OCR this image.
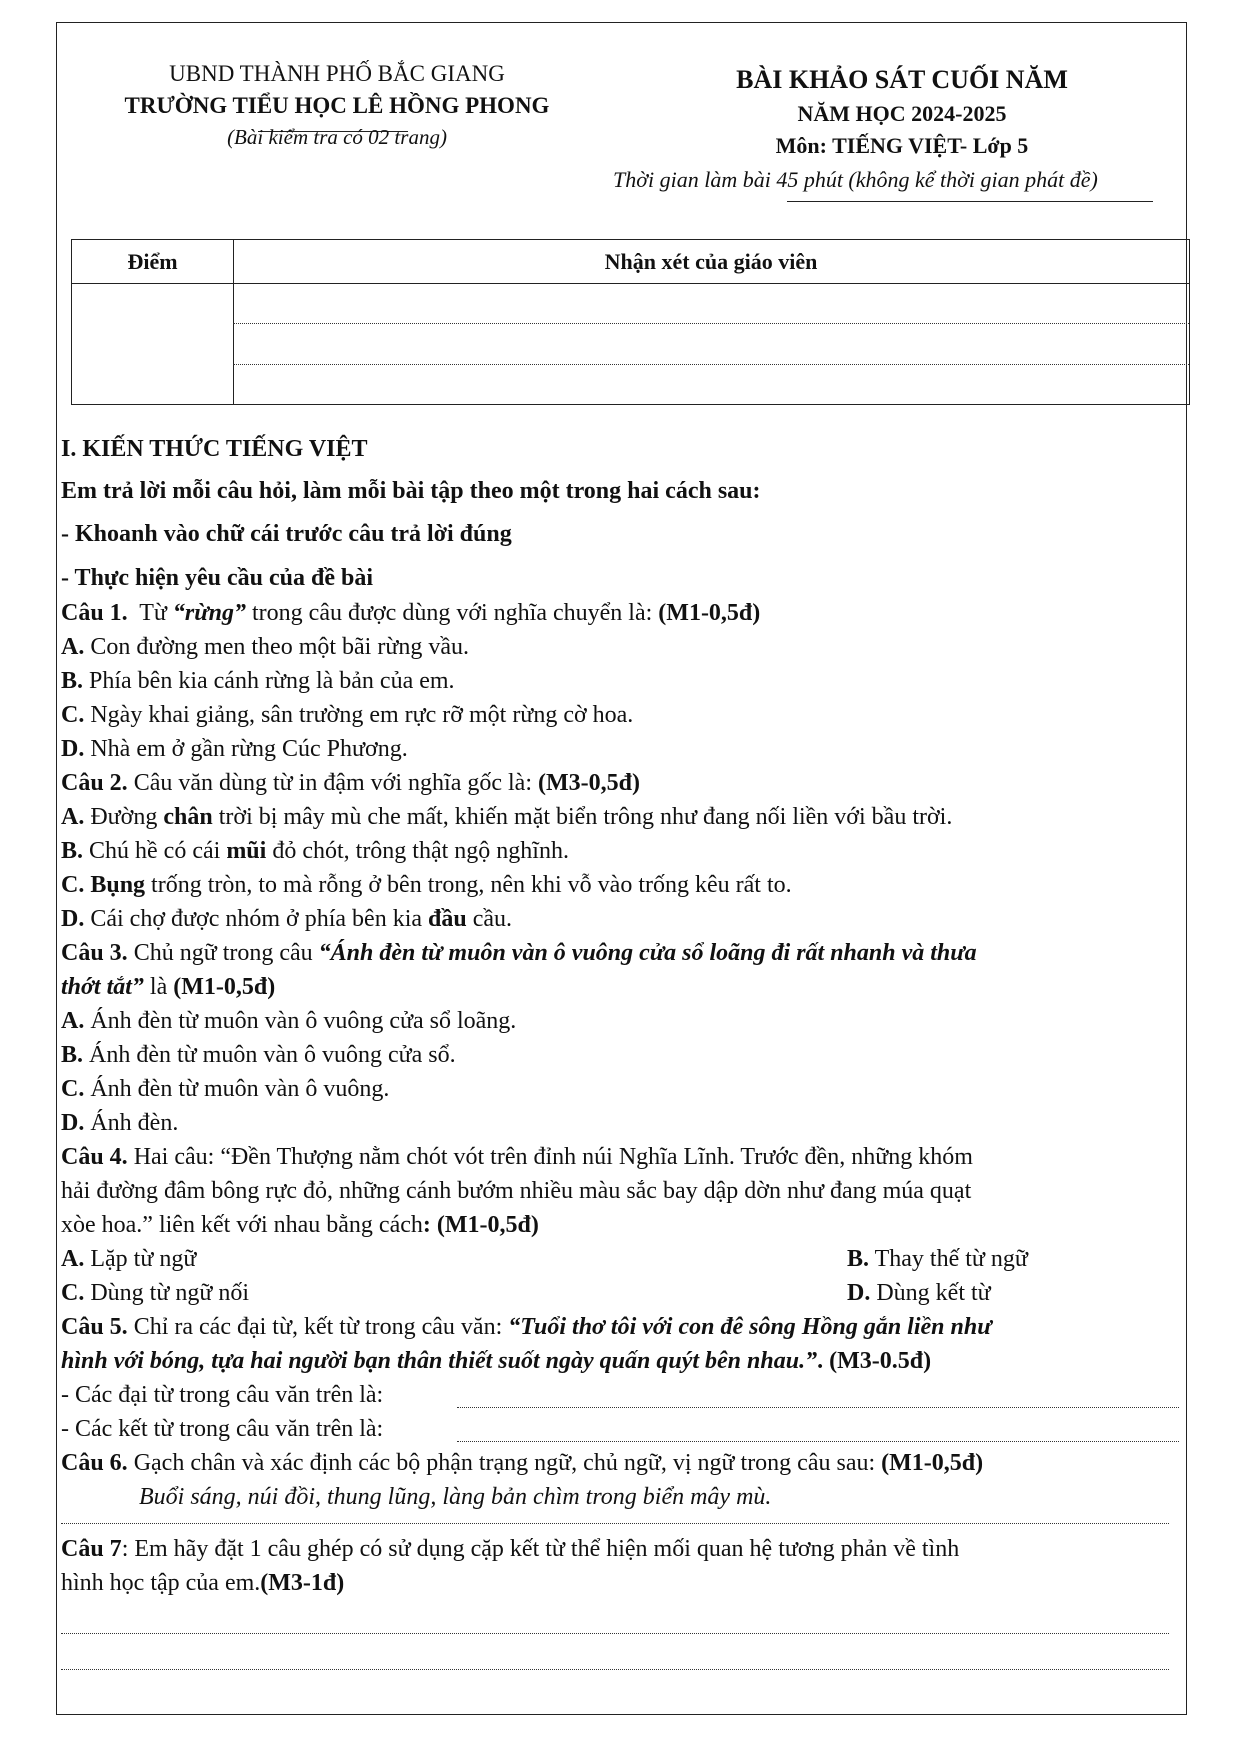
UBND THÀNH PHỐ BẮC GIANG
TRƯỜNG TIỂU HỌC LÊ HỒNG PHONG
(Bài kiểm tra có 02 trang)
BÀI KHẢO SÁT CUỐI NĂM
NĂM HỌC 2024-2025
Môn: TIẾNG VIỆT- Lớp 5
Thời gian làm bài 45 phút (không kể thời gian phát đề)
Điểm	Nhận xét của giáo viên
I. KIẾN THỨC TIẾNG VIỆT
Em trả lời mỗi câu hỏi, làm mỗi bài tập theo một trong hai cách sau:
- Khoanh vào chữ cái trước câu trả lời đúng
- Thực hiện yêu cầu của đề bài
Câu 1.  Từ “rừng” trong câu được dùng với nghĩa chuyển là: (M1-0,5đ)
A. Con đường men theo một bãi rừng vầu.
B. Phía bên kia cánh rừng là bản của em.
C. Ngày khai giảng, sân trường em rực rỡ một rừng cờ hoa.
D. Nhà em ở gần rừng Cúc Phương.
Câu 2. Câu văn dùng từ in đậm với nghĩa gốc là: (M3-0,5đ)
A. Đường chân trời bị mây mù che mất, khiến mặt biển trông như đang nối liền với bầu trời.
B. Chú hề có cái mũi đỏ chót, trông thật ngộ nghĩnh.
C. Bụng trống tròn, to mà rỗng ở bên trong, nên khi vỗ vào trống kêu rất to.
D. Cái chợ được nhóm ở phía bên kia đầu cầu.
Câu 3. Chủ ngữ trong câu “Ánh đèn từ muôn vàn ô vuông cửa sổ loãng đi rất nhanh và thưa
thớt tắt” là (M1-0,5đ)
A. Ánh đèn từ muôn vàn ô vuông cửa sổ loãng.
B. Ánh đèn từ muôn vàn ô vuông cửa sổ.
C. Ánh đèn từ muôn vàn ô vuông.
D. Ánh đèn.
Câu 4. Hai câu: “Đền Thượng nằm chót vót trên đỉnh núi Nghĩa Lĩnh. Trước đền, những khóm
hải đường đâm bông rực đỏ, những cánh bướm nhiều màu sắc bay dập dờn như đang múa quạt
xòe hoa.” liên kết với nhau bằng cách: (M1-0,5đ)
A. Lặp từ ngữ	B. Thay thế từ ngữ
C. Dùng từ ngữ nối	D. Dùng kết từ
Câu 5. Chỉ ra các đại từ, kết từ trong câu văn: “Tuổi thơ tôi với con đê sông Hồng gắn liền như
hình với bóng, tựa hai người bạn thân thiết suốt ngày quấn quýt bên nhau.”. (M3-0.5đ)
- Các đại từ trong câu văn trên là:
- Các kết từ trong câu văn trên là:
Câu 6. Gạch chân và xác định các bộ phận trạng ngữ, chủ ngữ, vị ngữ trong câu sau: (M1-0,5đ)
Buổi sáng, núi đồi, thung lũng, làng bản chìm trong biển mây mù.
Câu 7: Em hãy đặt 1 câu ghép có sử dụng cặp kết từ thể hiện mối quan hệ tương phản về tình
hình học tập của em.(M3-1đ)
